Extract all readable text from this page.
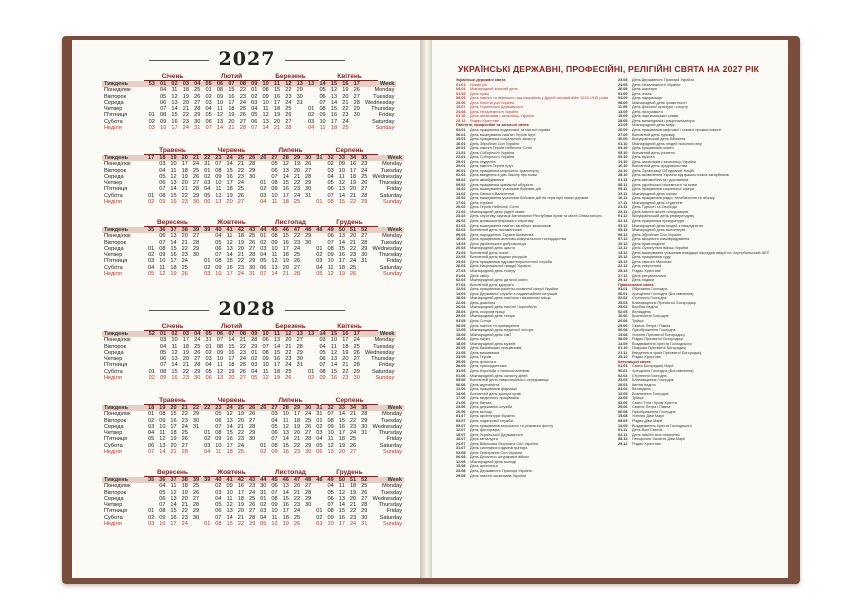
2027
Січень	Лютий	Березень	Квітень
Тиждень	53	01	02	03	04	05	06	07	08	09	10	11	12	13	13	14	15	16	17	Week
Понеділок		04	11	18	25	01	08	15	22	01	08	15	22	29		05	12	19	26	Monday
Вівторок		05	12	19	26	02	09	16	23	02	09	16	23	30		06	13	20	27	Tuesday
Середа		06	13	20	27	03	10	17	24	03	10	17	24	31		07	14	21	28	Wednesday
Четвер		07	14	21	28	04	11	18	25	04	11	18	25		01	08	15	22	29	Thursday
П'ятниця	01	08	15	22	29	05	12	19	26	05	12	19	26		02	09	16	23	30	Friday
Субота	02	09	16	23	30	06	13	20	27	06	13	20	27		03	10	17	24		Saturday
Неділя	03	10	17	24	31	07	14	21	28	07	14	21	28		04	11	18	25		Sunday
Травень	Червень	Липень	Серпень
Тиждень	17	18	19	20	21	22	23	24	25	26	26	27	28	29	30	31	32	33	34	35	Week
Понеділок		03	10	17	24	31	07	14	21	28		05	12	19	26		02	09	16	23	Monday
Вівторок		04	11	18	25	01	08	15	22	29		06	13	20	27		03	10	17	24	Tuesday
Середа		05	12	19	26	02	09	16	23	30		07	14	21	28		04	11	18	25	Wednesday
Четвер		06	13	20	27	03	10	17	24		01	08	15	22	29		05	12	19	26	Thursday
П'ятниця		07	14	21	28	04	11	18	25		02	09	16	23	30		06	13	20	27	Friday
Субота	01	08	15	22	29	05	12	19	26		03	10	17	24	31		07	14	21	28	Saturday
Неділя	02	09	16	23	30	06	13	20	27		04	11	18	25		01	08	15	22	29	Sunday
Вересень	Жовтень	Листопад	Грудень
Тиждень	35	36	37	38	39	39	40	41	42	43	44	45	46	47	48	48	49	50	51	52	Week
Понеділок		06	13	20	27		04	11	18	25	01	08	15	22	29		06	13	20	27	Monday
Вівторок		07	14	21	28		05	12	19	26	02	09	16	23	30		07	14	21	28	Tuesday
Середа	01	08	15	22	29		06	13	20	27	03	10	17	24		01	08	15	22	29	Wednesday
Четвер	02	09	16	23	30		07	14	21	28	04	11	18	25		02	09	16	23	30	Thursday
П'ятниця	03	10	17	24		01	08	15	22	29	05	12	19	26		03	10	17	24	31	Friday
Субота	04	11	18	25		02	09	16	23	30	06	13	20	27		04	11	18	25		Saturday
Неділя	05	12	19	26		03	10	17	24	31	07	14	21	28		05	12	19	26		Sunday
2028
Січень	Лютий	Березень	Квітень
Тиждень	52	01	02	03	04	05	06	07	08	09	10	11	12	13	13	14	15	16	17	Week
Понеділок		03	10	17	24	31	07	14	21	28	06	13	20	27		03	10	17	24	Monday
Вівторок		04	11	18	25	01	08	15	22	29	07	14	21	28		04	11	18	25	Tuesday
Середа		05	12	19	26	02	09	16	23	01	08	15	22	29		05	12	19	26	Wednesday
Четвер		06	13	20	27	03	10	17	24	02	09	16	23	30		06	13	20	27	Thursday
П'ятниця		07	14	21	28	04	11	18	25	03	10	17	24	31		07	14	21	28	Friday
Субота	01	08	15	22	29	05	12	19	26	04	11	18	25		01	08	15	22	29	Saturday
Неділя	02	09	16	23	30	06	13	20	27	05	12	19	26		02	09	16	23	30	Sunday
Травень	Червень	Липень	Серпень
Тиждень	18	19	20	21	22	22	23	24	25	26	26	27	28	29	30	31	32	33	34	35	Week
Понеділок	01	08	15	22	29		05	12	19	26		03	10	17	24	31	07	14	21	28	Monday
Вівторок	02	09	16	23	30		06	13	20	27		04	11	18	25	01	08	15	22	29	Tuesday
Середа	03	10	17	24	31		07	14	21	28		05	12	19	26	02	09	16	23	30	Wednesday
Четвер	04	11	18	25		01	08	15	22	29		06	13	20	27	03	10	17	24	31	Thursday
П'ятниця	05	12	19	26		02	09	16	23	30		07	14	21	28	04	11	18	25		Friday
Субота	06	13	20	27		03	10	17	24		01	08	15	22	29	05	12	19	26		Saturday
Неділя	07	14	21	28		04	11	18	25		02	09	16	23	30	06	13	20	27		Sunday
Вересень	Жовтень	Листопад	Грудень
Тиждень	35	36	37	38	39	39	40	41	42	43	44	45	46	47	48	48	49	50	51	52	Week
Понеділок		04	11	18	25		02	09	16	23	30	06	13	20	27		04	11	18	25	Monday
Вівторок		05	12	19	26		03	10	17	24	31	07	14	21	28		05	12	19	26	Tuesday
Середа		06	13	20	27		04	11	18	25	01	08	15	22	29		06	13	20	27	Wednesday
Четвер		07	14	21	28		05	12	19	26	02	09	16	23	30		07	14	21	28	Thursday
П'ятниця	01	08	15	22	29		06	13	20	27	03	10	17	24		01	08	15	22	29	Friday
Субота	02	09	16	23	30		07	14	21	28	04	11	18	25		02	09	16	23	30	Saturday
Неділя	03	10	17	24		01	08	15	22	29	05	12	19	26		03	10	17	24	31	Sunday
УКРАЇНСЬКІ ДЕРЖАВНІ, ПРОФЕСІЙНІ, РЕЛІГІЙНІ СВЯТА НА 2027 РІК
Українські державні свята
01.01 Новий рік
08.03 Міжнародний жіночий день
01.05 День праці
08.05 День пам'яті та перемоги над нацизмом у Другій світовій війні 1939-1945 років
28.06 День Конституції України
15.07 День Української Державності
24.08 День Незалежності України
01.10 День захисників і захисниць України
25.12 Різдво Христове
Пам'ятні, професійні та загальні свята
02.01 День працівника податкової та митної справи
06.01 День вшанування пам'яті Героїв Крут
10.01 День працівника соціального захисту
16.01 День Збройних Сил України
20.01 День пам'яті Героїв Небесної Сотні
21.01 День Соборності України
22.01 День Соборності України
25.01 День студента
29.01 День пам'яті Героїв Крут
30.01 День працівника морського транспорту
02.02 День введення в дію Закону про мови
08.02 День авіабудівника
09.02 День працівника цивільної оборони
13.02 День вшанування учасників бойових дій
14.02 День Святого Валентина
15.02 День вшанування учасників бойових дій на території інших держав
17.02 День торгівлі
20.02 День Героїв Небесної Сотні
21.02 Міжнародний день рідної мови
23.02 День спротиву окупації Автономної Республіки Крим та міста Севастополя
26.02 День кримськотатарського спротиву
01.03 День вшанування пам'яті загиблих захисників
03.03 Всесвітній день письменника
09.03 День народження Тараса Шевченка
10.03 День працівників житлово-комунального господарства
14.03 День українського добровольця
20.03 Міжнародний день щастя
21.03 Всесвітній день поезії
22.03 Всесвітній день водних ресурсів
23.03 День працівників гідрометеорологічної служби
26.03 День Національної гвардії України
27.03 Міжнародний день театру
01.04 День сміху
02.04 Міжнародний день дитячої книги
07.04 Всесвітній день здоров'я
12.04 День працівників ракетно-космічної галузі України
14.04 День Державної служби з надзвичайних ситуацій
18.04 Міжнародний день пам'яток і визначних місць
22.04 День довкілля
26.04 Міжнародний день пам'яті Чорнобиля
28.04 День охорони праці
29.04 Міжнародний день танцю
03.05 День Сонця
08.05 День пам'яті та примирення
12.05 Міжнародний день медичної сестри
15.05 Міжнародний день сім'ї
16.05 День науки
18.05 Міжнародний день музеїв
20.05 День банківських працівників
21.05 День вишиванки
23.05 День Героїв
25.05 День філолога
28.05 День прикордонника
31.05 День боротьби з тютюнопалінням
01.06 Міжнародний день захисту дітей
05.06 Всесвітній день навколишнього середовища
06.06 День журналіста
12.06 День працівників фармації
14.06 Всесвітній день донора крові
17.06 День медичного працівника
21.06 День батька
23.06 День державної служби
26.06 День молоді
01.07 День архітектури України
03.07 День податкової служби
05.07 День працівників морського та річкового флоту
12.07 День фотографа
15.07 День Української Державності
18.07 День металурга
24.07 День Військово-Морських Сил України
31.07 День системного адміністратора
02.08 День Повітряних Сил України
06.08 День Десантно-штурмових військ
12.08 Міжнародний день молоді
15.08 День археолога
23.08 День Державного Прапора України
29.08 День пам'яті захисників України
23.08 День Державного Прапора України
24.08 День Незалежності України
26.08 День шахтаря
01.09 День знань
04.09 День підприємця
08.09 Міжнародний день грамотності
11.09 День фізичної культури і спорту
13.09 День програміста
15.09 День партизанської слави
18.09 День винахідника і раціоналізатора
21.09 Міжнародний день миру
26.09 День працівників нафтової і газової промисловості
27.09 Всесвітній день туризму
30.09 Всеукраїнський день бібліотек
01.10 Міжнародний день людей похилого віку
04.10 День працівників освіти
05.10 Всесвітній день учителя
09.10 День юриста
14.10 День захисників і захисниць України
16.10 Всесвітній день продовольства
24.10 День Організації Об'єднаних Націй
28.10 День визволення України від фашистських загарбників
01.11 День автомобіліста і дорожника
08.11 День української писемності та мови
09.11 День працівників соціальної сфери
13.11 Міжнародний день сліпих
16.11 День працівників радіо, телебачення та зв'язку
17.11 Міжнародний день студентів
21.11 День Гідності та Свободи
22.11 День пам'яті жертв голодоморів
01.12 Всеукраїнський день референдуму
02.12 День працівника прокуратури
03.12 Міжнародний день людей з інвалідністю
05.12 Міжнародний день волонтерів
06.12 День Збройних Сил України
07.12 День місцевого самоврядування
10.12 День прав людини
12.12 День Сухопутних військ України
14.12 День вшанування учасників ліквідації наслідків аварії на Чорнобильській АЕС
15.12 День працівників суду
19.12 День святого Миколая
22.12 День енергетика
25.12 Різдво Христове
27.12 День рятувальника
29.12 День подяки
Православні свята
01.01 Обрізання Господнє
06.01 Хрещення Господнє (Богоявлення)
02.02 Стрітення Господнє
25.03 Благовіщення Пресвятої Богородиці
25.04 Вербна неділя
02.05 Великдень
10.06 Вознесіння Господнє
20.06 Трійця
29.06 Святих Петра і Павла
06.08 Преображення Господнє
15.08 Успіння Пресвятої Богородиці
08.09 Різдво Пресвятої Богородиці
14.09 Воздвиження Хреста Господнього
01.10 Покрова Пресвятої Богородиці
21.11 Введення в храм Пресвятої Богородиці
25.12 Різдво Христове
Католицькі свята
01.01 Свята Богородиці Марії
06.01 Хрещення Господнє (Богоявлення)
02.02 Стрітення Господнє
25.03 Благовіщення Господнє
28.03 Квітна неділя
04.04 Великдень
13.05 Вознесіння Господнє
23.05 Трійця
03.06 Свято Тіла і Крові Христа
29.06 Святих Петра і Павла
06.08 Преображення Господнє
15.08 Успіння Діви Марії
08.09 Різдво Діви Марії
14.09 Воздвиження Хреста Господнього
01.11 День Всіх Святих
02.11 День пам'яті всіх померлих
08.12 Непорочне Зачаття Діви Марії
25.12 Різдво Христове
